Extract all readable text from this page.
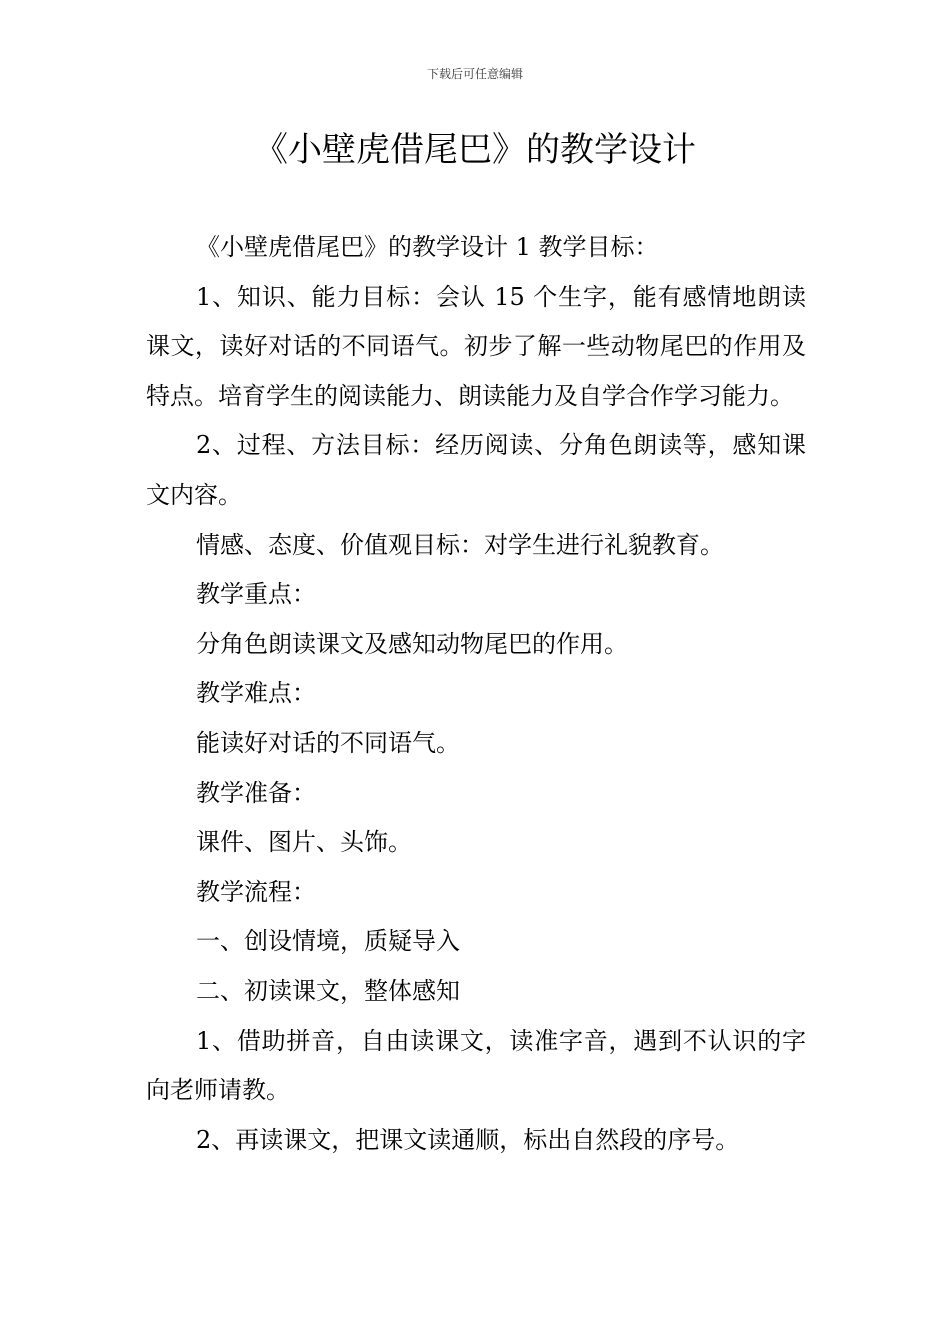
下载后可任意编辑
《小壁虎借尾巴》的教学设计

《小壁虎借尾巴》的教学设计 1 教学目标：

1、知识、能力目标：会认 15 个生字，能有感情地朗读课文，读好对话的不同语气。初步了解一些动物尾巴的作用及特点。培育学生的阅读能力、朗读能力及自学合作学习能力。

2、过程、方法目标：经历阅读、分角色朗读等，感知课文内容。

情感、态度、价值观目标：对学生进行礼貌教育。

教学重点：

分角色朗读课文及感知动物尾巴的作用。

教学难点：

能读好对话的不同语气。

教学准备：

课件、图片、头饰。

教学流程：

一、创设情境，质疑导入

二、初读课文，整体感知

1、借助拼音，自由读课文，读准字音，遇到不认识的字向老师请教。

2、再读课文，把课文读通顺，标出自然段的序号。
